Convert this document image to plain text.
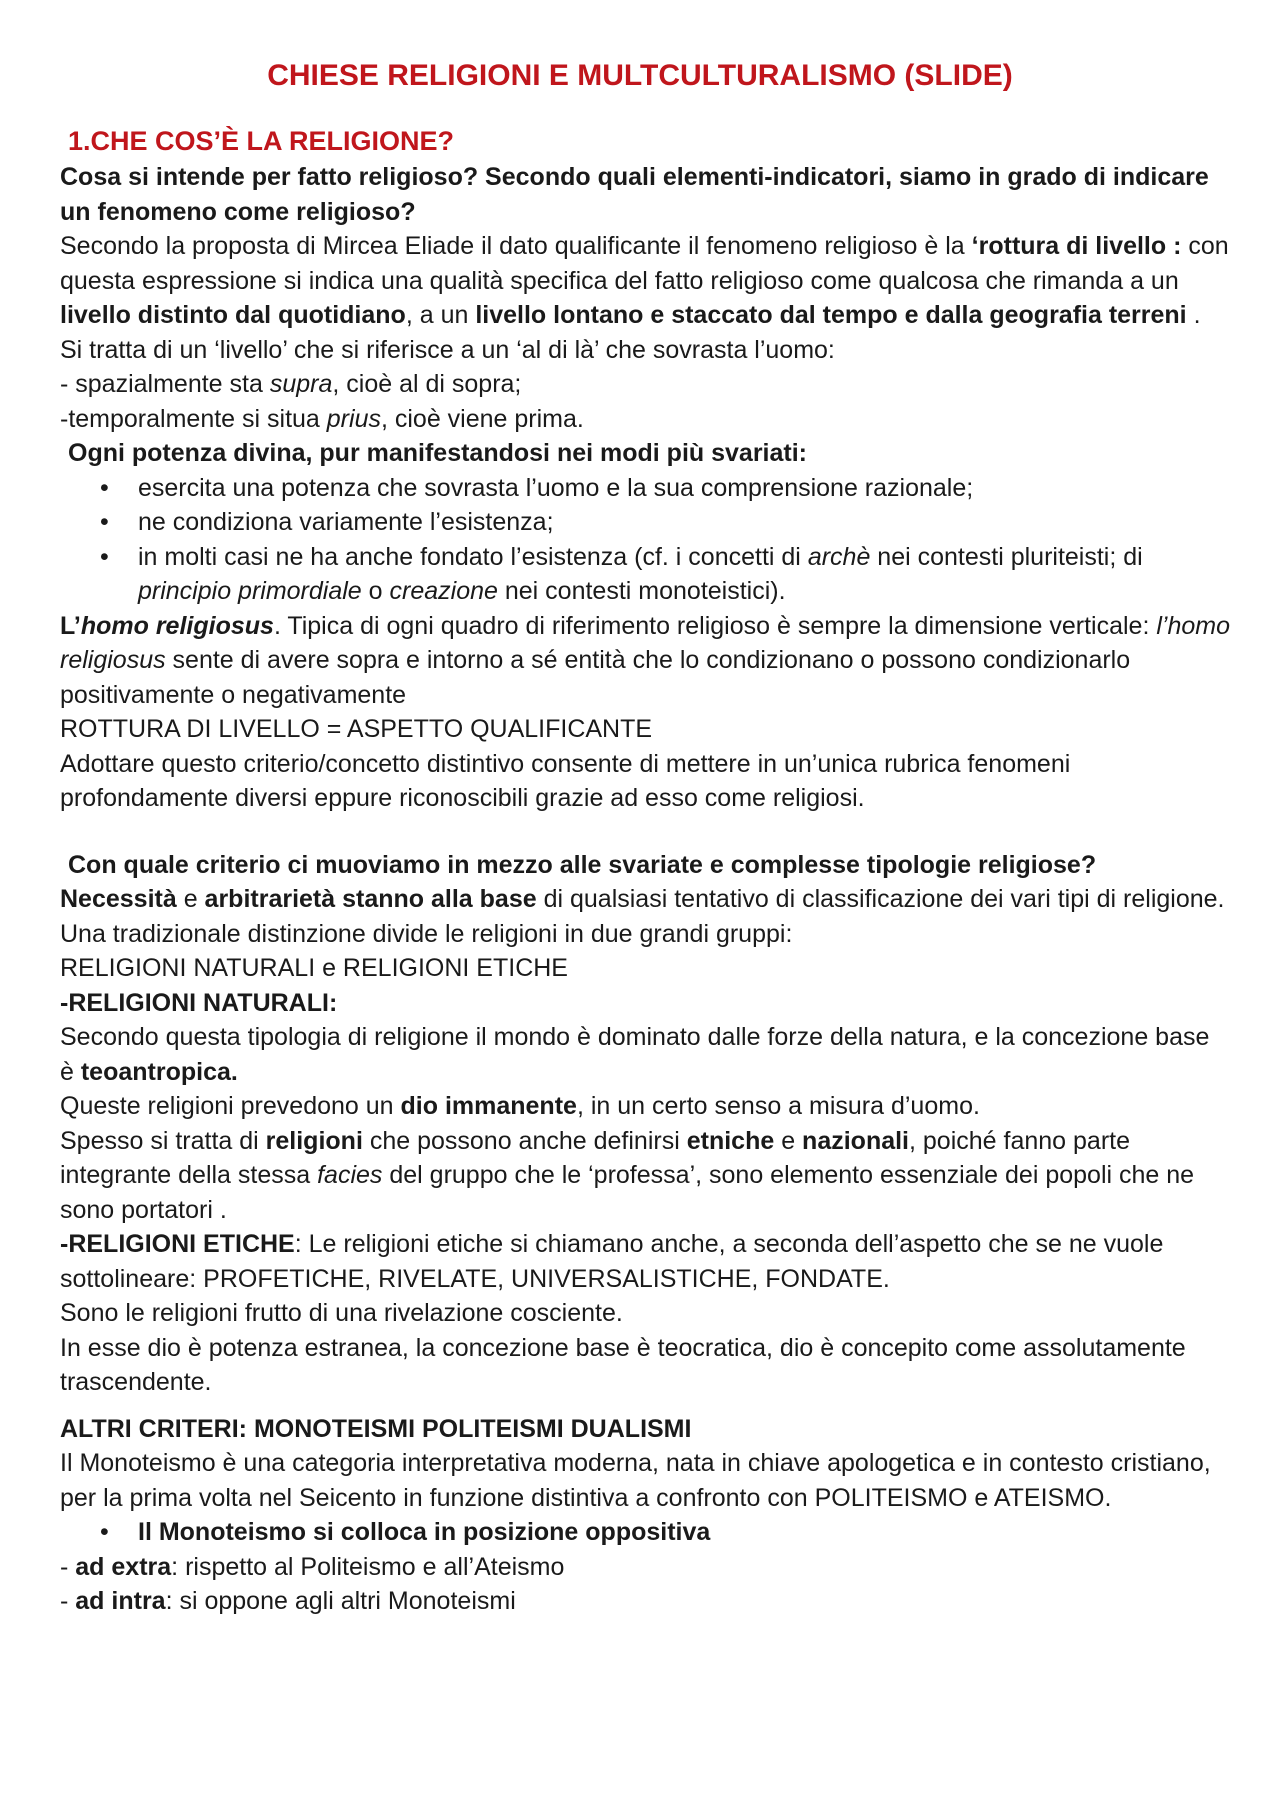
CHIESE RELIGIONI E MULTCULTURALISMO (SLIDE)
1.CHE COS’È LA RELIGIONE?

Cosa si intende per fatto religioso? Secondo quali elementi-indicatori, siamo in grado di indicare un fenomeno come religioso?

Secondo la proposta di Mircea Eliade il dato qualificante il fenomeno religioso è la ‘rottura di livello : con questa espressione si indica una qualità specifica del fatto religioso come qualcosa che rimanda a un livello distinto dal quotidiano, a un livello lontano e staccato dal tempo e dalla geografia terreni .

Si tratta di un ‘livello’ che si riferisce a un ‘al di là’ che sovrasta l’uomo:

- spazialmente sta supra, cioè al di sopra;

-temporalmente si situa prius, cioè viene prima.

Ogni potenza divina, pur manifestandosi nei modi più svariati:

• esercita una potenza che sovrasta l’uomo e la sua comprensione razionale;
• ne condiziona variamente l’esistenza;
• in molti casi ne ha anche fondato l’esistenza (cf. i concetti di archè nei contesti pluriteisti; di principio primordiale o creazione nei contesti monoteistici).

L’homo religiosus. Tipica di ogni quadro di riferimento religioso è sempre la dimensione verticale: l’homo religiosus sente di avere sopra e intorno a sé entità che lo condizionano o possono condizionarlo positivamente o negativamente

ROTTURA DI LIVELLO = ASPETTO QUALIFICANTE

Adottare questo criterio/concetto distintivo consente di mettere in un’unica rubrica fenomeni profondamente diversi eppure riconoscibili grazie ad esso come religiosi.

Con quale criterio ci muoviamo in mezzo alle svariate e complesse tipologie religiose?

Necessità e arbitrarietà stanno alla base di qualsiasi tentativo di classificazione dei vari tipi di religione.

Una tradizionale distinzione divide le religioni in due grandi gruppi:

RELIGIONI NATURALI e RELIGIONI ETICHE

-RELIGIONI NATURALI:

Secondo questa tipologia di religione il mondo è dominato dalle forze della natura, e la concezione base è teoantropica.

Queste religioni prevedono un dio immanente, in un certo senso a misura d’uomo.

Spesso si tratta di religioni che possono anche definirsi etniche e nazionali, poiché fanno parte integrante della stessa facies del gruppo che le ‘professa’, sono elemento essenziale dei popoli che ne sono portatori .

-RELIGIONI ETICHE: Le religioni etiche si chiamano anche, a seconda dell’aspetto che se ne vuole sottolineare: PROFETICHE, RIVELATE, UNIVERSALISTICHE, FONDATE.

Sono le religioni frutto di una rivelazione cosciente.

In esse dio è potenza estranea, la concezione base è teocratica, dio è concepito come assolutamente trascendente.

ALTRI CRITERI: MONOTEISMI POLITEISMI DUALISMI

Il Monoteismo è una categoria interpretativa moderna, nata in chiave apologetica e in contesto cristiano, per la prima volta nel Seicento in funzione distintiva a confronto con POLITEISMO e ATEISMO.

• Il Monoteismo si colloca in posizione oppositiva

- ad extra: rispetto al Politeismo e all’Ateismo

- ad intra: si oppone agli altri Monoteismi
